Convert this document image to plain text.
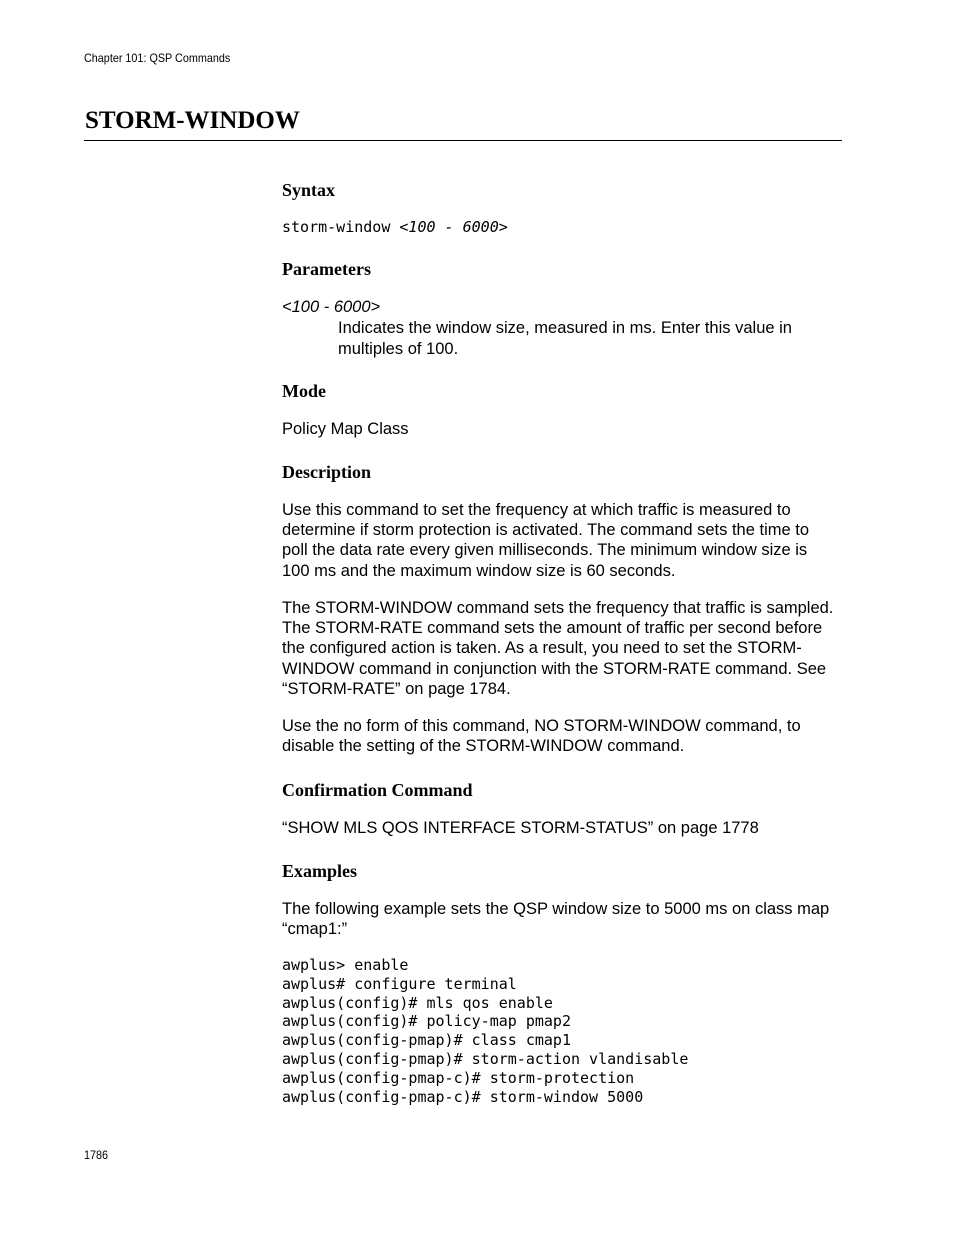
Chapter 101: QSP Commands
STORM-WINDOW
Syntax

storm-window <100 - 6000>

Parameters

<100 - 6000>

Indicates the window size, measured in ms. Enter this value in multiples of 100.

Mode

Policy Map Class

Description

Use this command to set the frequency at which traffic is measured to determine if storm protection is activated. The command sets the time to poll the data rate every given milliseconds. The minimum window size is 100 ms and the maximum window size is 60 seconds.

The STORM-WINDOW command sets the frequency that traffic is sampled. The STORM-RATE command sets the amount of traffic per second before the configured action is taken. As a result, you need to set the STORM-WINDOW command in conjunction with the STORM-RATE command. See “STORM-RATE” on page 1784.

Use the no form of this command, NO STORM-WINDOW command, to disable the setting of the STORM-WINDOW command.

Confirmation Command

“SHOW MLS QOS INTERFACE STORM-STATUS” on page 1778

Examples

The following example sets the QSP window size to 5000 ms on class map “cmap1:”

awplus> enable
awplus# configure terminal
awplus(config)# mls qos enable
awplus(config)# policy-map pmap2
awplus(config-pmap)# class cmap1
awplus(config-pmap)# storm-action vlandisable
awplus(config-pmap-c)# storm-protection
awplus(config-pmap-c)# storm-window 5000
1786
